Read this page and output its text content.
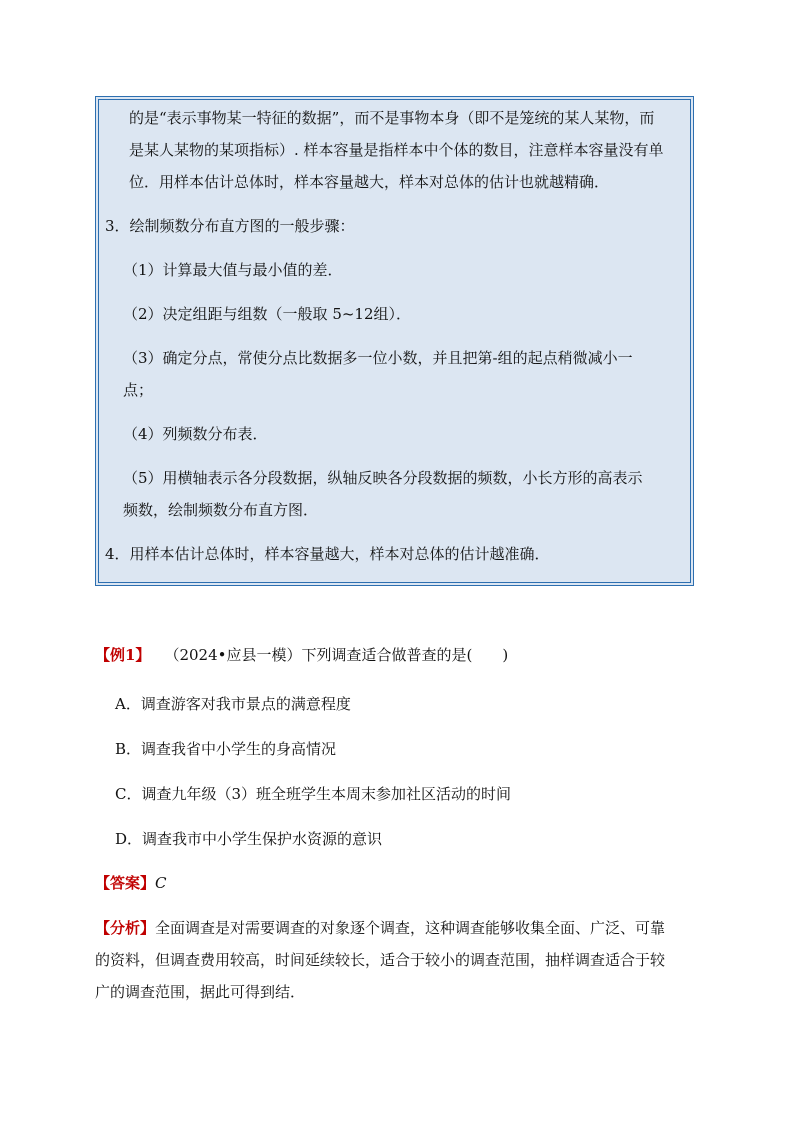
的是“表示事物某一特征的数据”，而不是事物本身（即不是笼统的某人某物，而
是某人某物的某项指标）. 样本容量是指样本中个体的数目，注意样本容量没有单
位．用样本估计总体时，样本容量越大，样本对总体的估计也就越精确．
3．绘制频数分布直方图的一般步骤：
（1）计算最大值与最小值的差．
（2）决定组距与组数（一般取 5~12组）．
（3）确定分点，常使分点比数据多一位小数，并且把第-组的起点稍微减小一
点；
（4）列频数分布表．
（5）用横轴表示各分段数据，纵轴反映各分段数据的频数，小长方形的高表示
频数，绘制频数分布直方图．
4．用样本估计总体时，样本容量越大，样本对总体的估计越准确．
【例1】 （2024•应县一模）下列调查适合做普查的是(　　)
A．调查游客对我市景点的满意程度
B．调查我省中小学生的身高情况
C．调查九年级（3）班全班学生本周末参加社区活动的时间
D．调查我市中小学生保护水资源的意识
【答案】C
【分析】全面调查是对需要调查的对象逐个调查，这种调查能够收集全面、广泛、可靠
的资料，但调查费用较高，时间延续较长，适合于较小的调查范围，抽样调查适合于较
广的调查范围，据此可得到结．
